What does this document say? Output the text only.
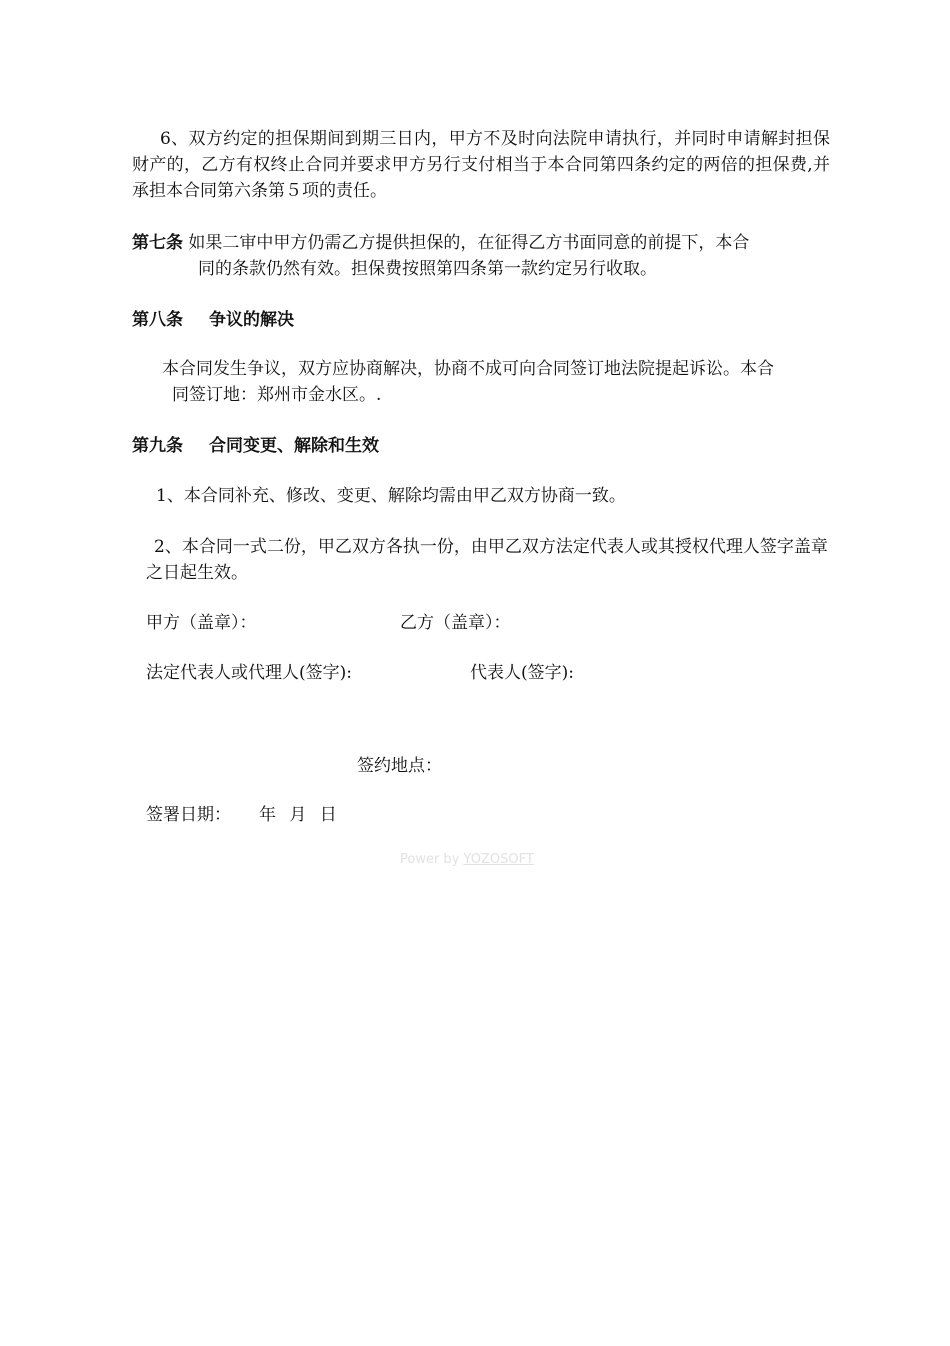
6、双方约定的担保期间到期三日内，甲方不及时向法院申请执行，并同时申请解封担保财产的，乙方有权终止合同并要求甲方另行支付相当于本合同第四条约定的两倍的担保费,并承担本合同第六条第５项的责任。

第七条 如果二审中甲方仍需乙方提供担保的，在征得乙方书面同意的前提下，本合
同的条款仍然有效。担保费按照第四条第一款约定另行收取。

第八条 争议的解决

本合同发生争议，双方应协商解决，协商不成可向合同签订地法院提起诉讼。本合
同签订地：郑州市金水区。.

第九条 合同变更、解除和生效

1、本合同补充、修改、变更、解除均需由甲乙双方协商一致。

2、本合同一式二份，甲乙双方各执一份，由甲乙双方法定代表人或其授权代理人签字盖章之日起生效。

甲方（盖章）：	乙方（盖章）：

法定代表人或代理人(签字):	代表人(签字):

签约地点：

签署日期： 年 月 日

Power by YOZOSOFT
